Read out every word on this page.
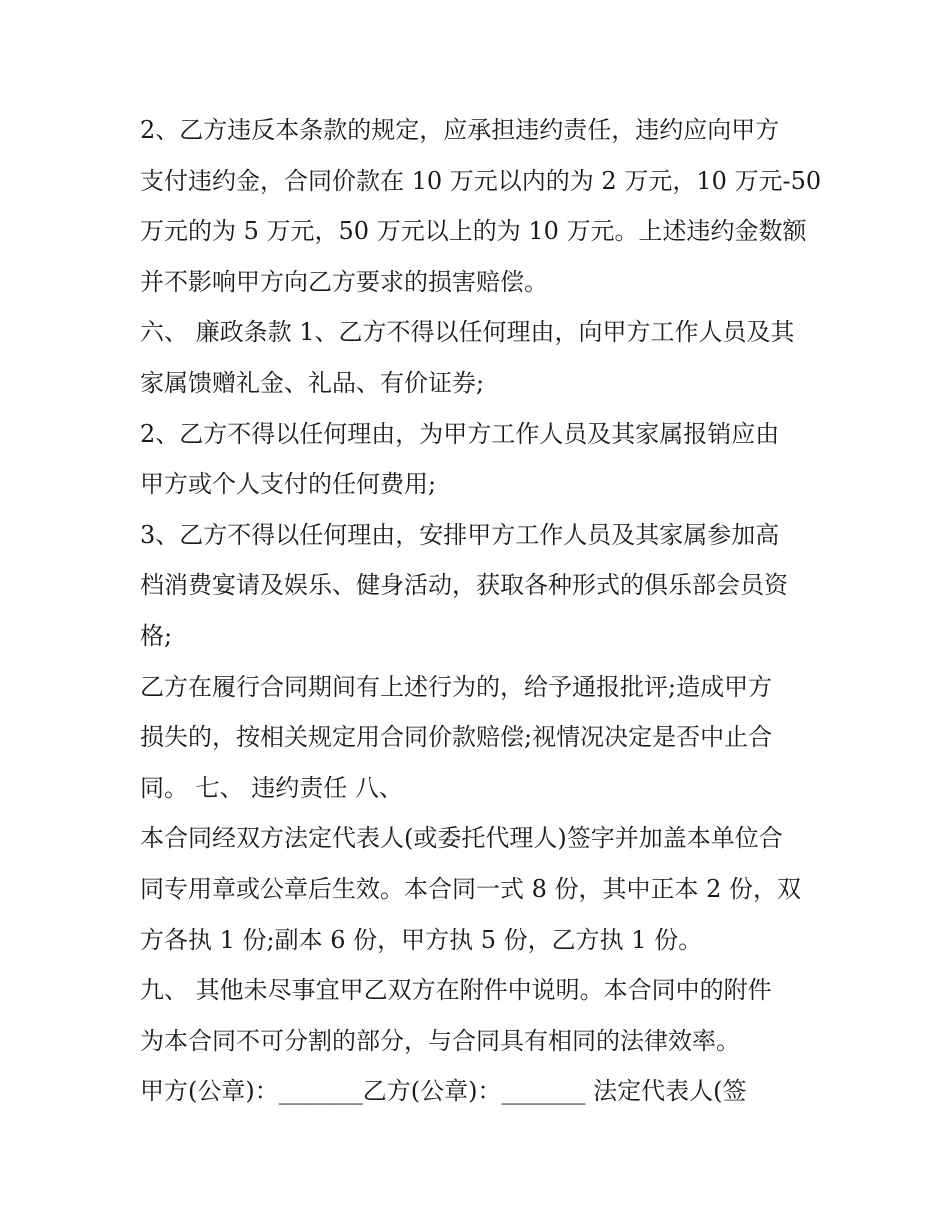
2、乙方违反本条款的规定，应承担违约责任，违约应向甲方
支付违约金，合同价款在 10 万元以内的为 2 万元，10 万元-50
万元的为 5 万元，50 万元以上的为 10 万元。上述违约金数额
并不影响甲方向乙方要求的损害赔偿。
六、 廉政条款 1、乙方不得以任何理由，向甲方工作人员及其
家属馈赠礼金、礼品、有价证券;
2、乙方不得以任何理由，为甲方工作人员及其家属报销应由
甲方或个人支付的任何费用;
3、乙方不得以任何理由，安排甲方工作人员及其家属参加高
档消费宴请及娱乐、健身活动，获取各种形式的俱乐部会员资
格;
乙方在履行合同期间有上述行为的，给予通报批评;造成甲方
损失的，按相关规定用合同价款赔偿;视情况决定是否中止合
同。 七、 违约责任 八、
本合同经双方法定代表人(或委托代理人)签字并加盖本单位合
同专用章或公章后生效。本合同一式 8 份，其中正本 2 份，双
方各执 1 份;副本 6 份，甲方执 5 份，乙方执 1 份。
九、 其他未尽事宜甲乙双方在附件中说明。本合同中的附件
为本合同不可分割的部分，与合同具有相同的法律效率。
甲方(公章)：_______乙方(公章)：_______ 法定代表人(签
